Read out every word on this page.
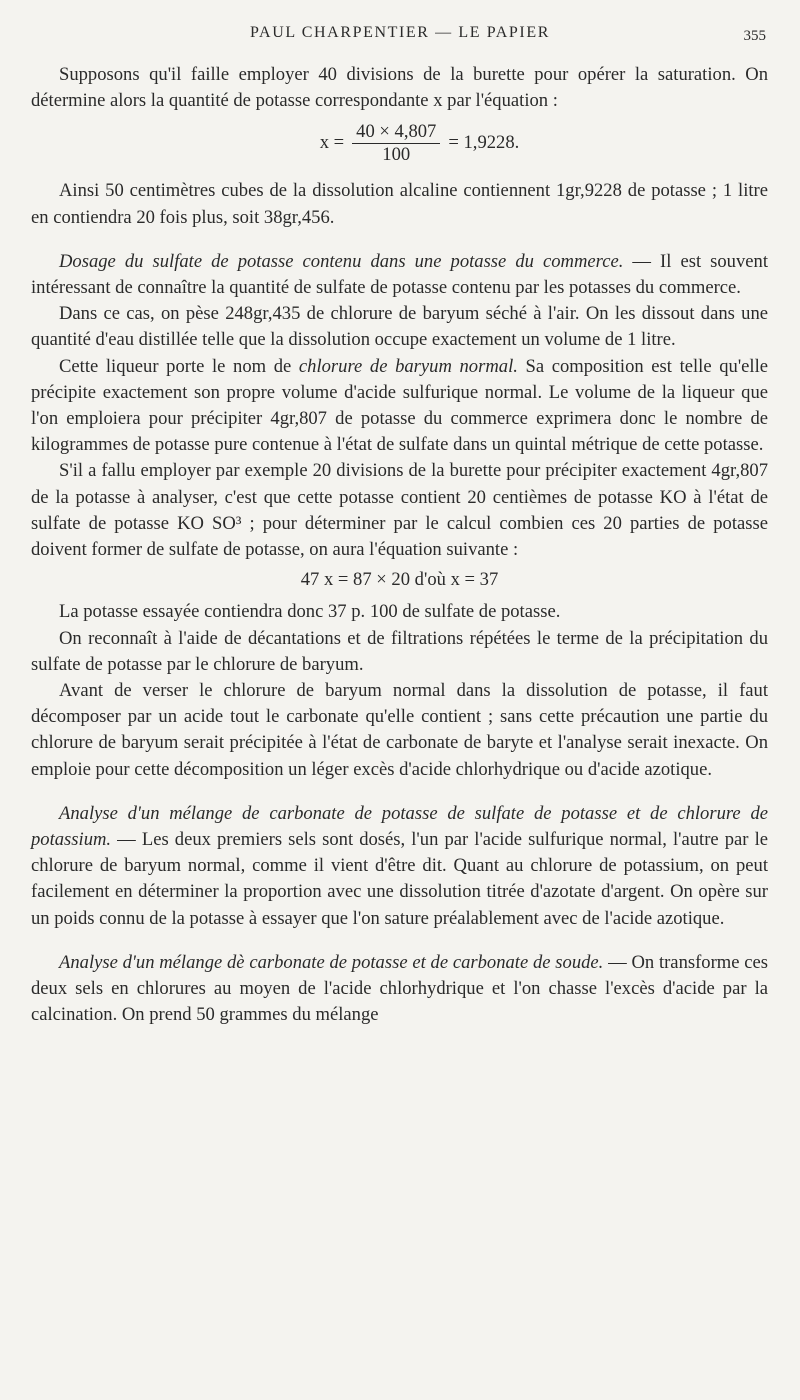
PAUL CHARPENTIER — LE PAPIER	355

Supposons qu'il faille employer 40 divisions de la burette pour opérer la saturation. On détermine alors la quantité de potasse correspondante x par l'équation :

$x = \frac{40 \times 4,807}{100} = 1,9228$.

Ainsi 50 centimètres cubes de la dissolution alcaline contiennent 1gr,9228 de potasse ; 1 litre en contiendra 20 fois plus, soit 38gr,456.

Dosage du sulfate de potasse contenu dans une potasse du commerce. — Il est souvent intéressant de connaître la quantité de sulfate de potasse contenu par les potasses du commerce.

Dans ce cas, on pèse 248gr,435 de chlorure de baryum séché à l'air. On les dissout dans une quantité d'eau distillée telle que la dissolution occupe exactement un volume de 1 litre.

Cette liqueur porte le nom de chlorure de baryum normal. Sa composition est telle qu'elle précipite exactement son propre volume d'acide sulfurique normal. Le volume de la liqueur que l'on emploiera pour précipiter 4gr,807 de potasse du commerce exprimera donc le nombre de kilogrammes de potasse pure contenue à l'état de sulfate dans un quintal métrique de cette potasse.

S'il a fallu employer par exemple 20 divisions de la burette pour précipiter exactement 4gr,807 de la potasse à analyser, c'est que cette potasse contient 20 centièmes de potasse KO à l'état de sulfate de potasse KO SO³ ; pour déterminer par le calcul combien ces 20 parties de potasse doivent former de sulfate de potasse, on aura l'équation suivante :

47 x = 87 × 20 d'où x = 37

La potasse essayée contiendra donc 37 p. 100 de sulfate de potasse.

On reconnaît à l'aide de décantations et de filtrations répétées le terme de la précipitation du sulfate de potasse par le chlorure de baryum.

Avant de verser le chlorure de baryum normal dans la dissolution de potasse, il faut décomposer par un acide tout le carbonate qu'elle contient ; sans cette précaution une partie du chlorure de baryum serait précipitée à l'état de carbonate de baryte et l'analyse serait inexacte. On emploie pour cette décomposition un léger excès d'acide chlorhydrique ou d'acide azotique.

Analyse d'un mélange de carbonate de potasse de sulfate de potasse et de chlorure de potassium. — Les deux premiers sels sont dosés, l'un par l'acide sulfurique normal, l'autre par le chlorure de baryum normal, comme il vient d'être dit. Quant au chlorure de potassium, on peut facilement en déterminer la proportion avec une dissolution titrée d'azotate d'argent. On opère sur un poids connu de la potasse à essayer que l'on sature préalablement avec de l'acide azotique.

Analyse d'un mélange dè carbonate de potasse et de carbonate de soude. — On transforme ces deux sels en chlorures au moyen de l'acide chlorhydrique et l'on chasse l'excès d'acide par la calcination. On prend 50 grammes du mélange
